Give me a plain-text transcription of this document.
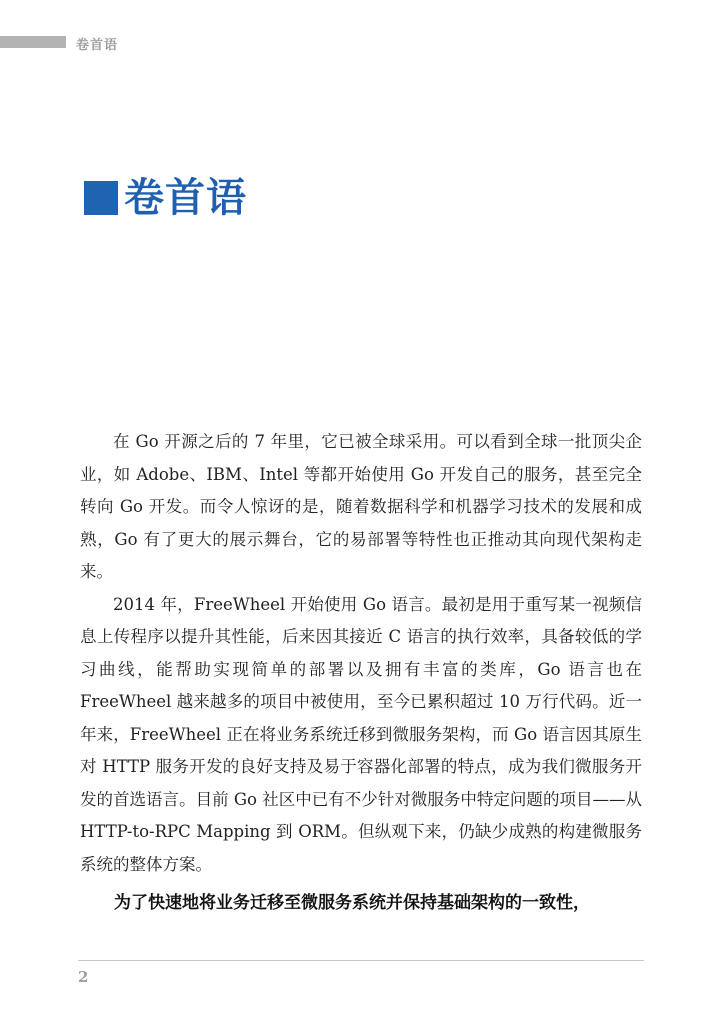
卷首语
卷首语

在 Go 开源之后的 7 年里，它已被全球采用。可以看到全球一批顶尖企业，如 Adobe、IBM、Intel 等都开始使用 Go 开发自己的服务，甚至完全转向 Go 开发。而令人惊讶的是，随着数据科学和机器学习技术的发展和成熟，Go 有了更大的展示舞台，它的易部署等特性也正推动其向现代架构走来。

2014 年，FreeWheel 开始使用 Go 语言。最初是用于重写某一视频信息上传程序以提升其性能，后来因其接近 C 语言的执行效率，具备较低的学习曲线，能帮助实现简单的部署以及拥有丰富的类库，Go 语言也在 FreeWheel 越来越多的项目中被使用，至今已累积超过 10 万行代码。近一年来，FreeWheel 正在将业务系统迁移到微服务架构，而 Go 语言因其原生对 HTTP 服务开发的良好支持及易于容器化部署的特点，成为我们微服务开发的首选语言。目前 Go 社区中已有不少针对微服务中特定问题的项目——从 HTTP-to-RPC Mapping 到 ORM。但纵观下来，仍缺少成熟的构建微服务系统的整体方案。

为了快速地将业务迁移至微服务系统并保持基础架构的一致性，

2
